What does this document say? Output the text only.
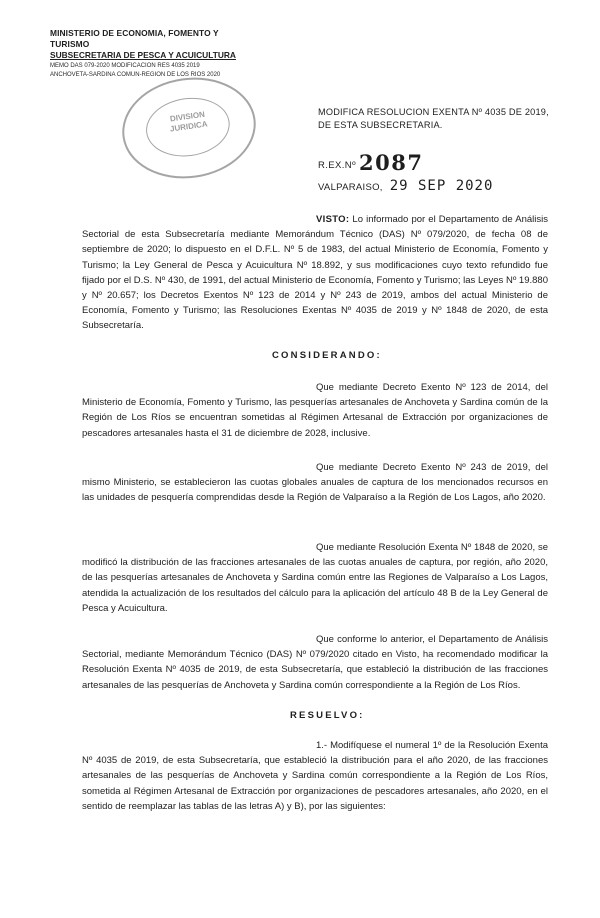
MINISTERIO DE ECONOMIA, FOMENTO Y TURISMO
SUBSECRETARIA DE PESCA Y ACUICULTURA
MEMO DAS 079-2020 MODIFICACION RES 4035 2019
ANCHOVETA-SARDINA COMUN-REGION DE LOS RIOS 2020
DIVISION JURIDICA
MODIFICA RESOLUCION EXENTA Nº 4035 DE 2019, DE ESTA SUBSECRETARIA.
R.EX.Nº 2087
VALPARAISO, 29 SEP 2020
VISTO: Lo informado por el Departamento de Análisis Sectorial de esta Subsecretaría mediante Memorándum Técnico (DAS) Nº 079/2020, de fecha 08 de septiembre de 2020; lo dispuesto en el D.F.L. Nº 5 de 1983, del actual Ministerio de Economía, Fomento y Turismo; la Ley General de Pesca y Acuicultura Nº 18.892, y sus modificaciones cuyo texto refundido fue fijado por el D.S. Nº 430, de 1991, del actual Ministerio de Economía, Fomento y Turismo; las Leyes Nº 19.880 y Nº 20.657; los Decretos Exentos Nº 123 de 2014 y Nº 243 de 2019, ambos del actual Ministerio de Economía, Fomento y Turismo; las Resoluciones Exentas Nº 4035 de 2019 y Nº 1848 de 2020, de esta Subsecretaría.
CONSIDERANDO:
Que mediante Decreto Exento Nº 123 de 2014, del Ministerio de Economía, Fomento y Turismo, las pesquerías artesanales de Anchoveta y Sardina común de la Región de Los Ríos se encuentran sometidas al Régimen Artesanal de Extracción por organizaciones de pescadores artesanales hasta el 31 de diciembre de 2028, inclusive.
Que mediante Decreto Exento Nº 243 de 2019, del mismo Ministerio, se establecieron las cuotas globales anuales de captura de los mencionados recursos en las unidades de pesquería comprendidas desde la Región de Valparaíso a la Región de Los Lagos, año 2020.
Que mediante Resolución Exenta Nº 1848 de 2020, se modificó la distribución de las fracciones artesanales de las cuotas anuales de captura, por región, año 2020, de las pesquerías artesanales de Anchoveta y Sardina común entre las Regiones de Valparaíso a Los Lagos, atendida la actualización de los resultados del cálculo para la aplicación del artículo 48 B de la Ley General de Pesca y Acuicultura.
Que conforme lo anterior, el Departamento de Análisis Sectorial, mediante Memorándum Técnico (DAS) Nº 079/2020 citado en Visto, ha recomendado modificar la Resolución Exenta Nº 4035 de 2019, de esta Subsecretaría, que estableció la distribución de las fracciones artesanales de las pesquerías de Anchoveta y Sardina común correspondiente a la Región de Los Ríos.
RESUELVO:
1.- Modifíquese el numeral 1º de la Resolución Exenta Nº 4035 de 2019, de esta Subsecretaría, que estableció la distribución para el año 2020, de las fracciones artesanales de las pesquerías de Anchoveta y Sardina común correspondiente a la Región de Los Ríos, sometida al Régimen Artesanal de Extracción por organizaciones de pescadores artesanales, año 2020, en el sentido de reemplazar las tablas de las letras A) y B), por las siguientes:
